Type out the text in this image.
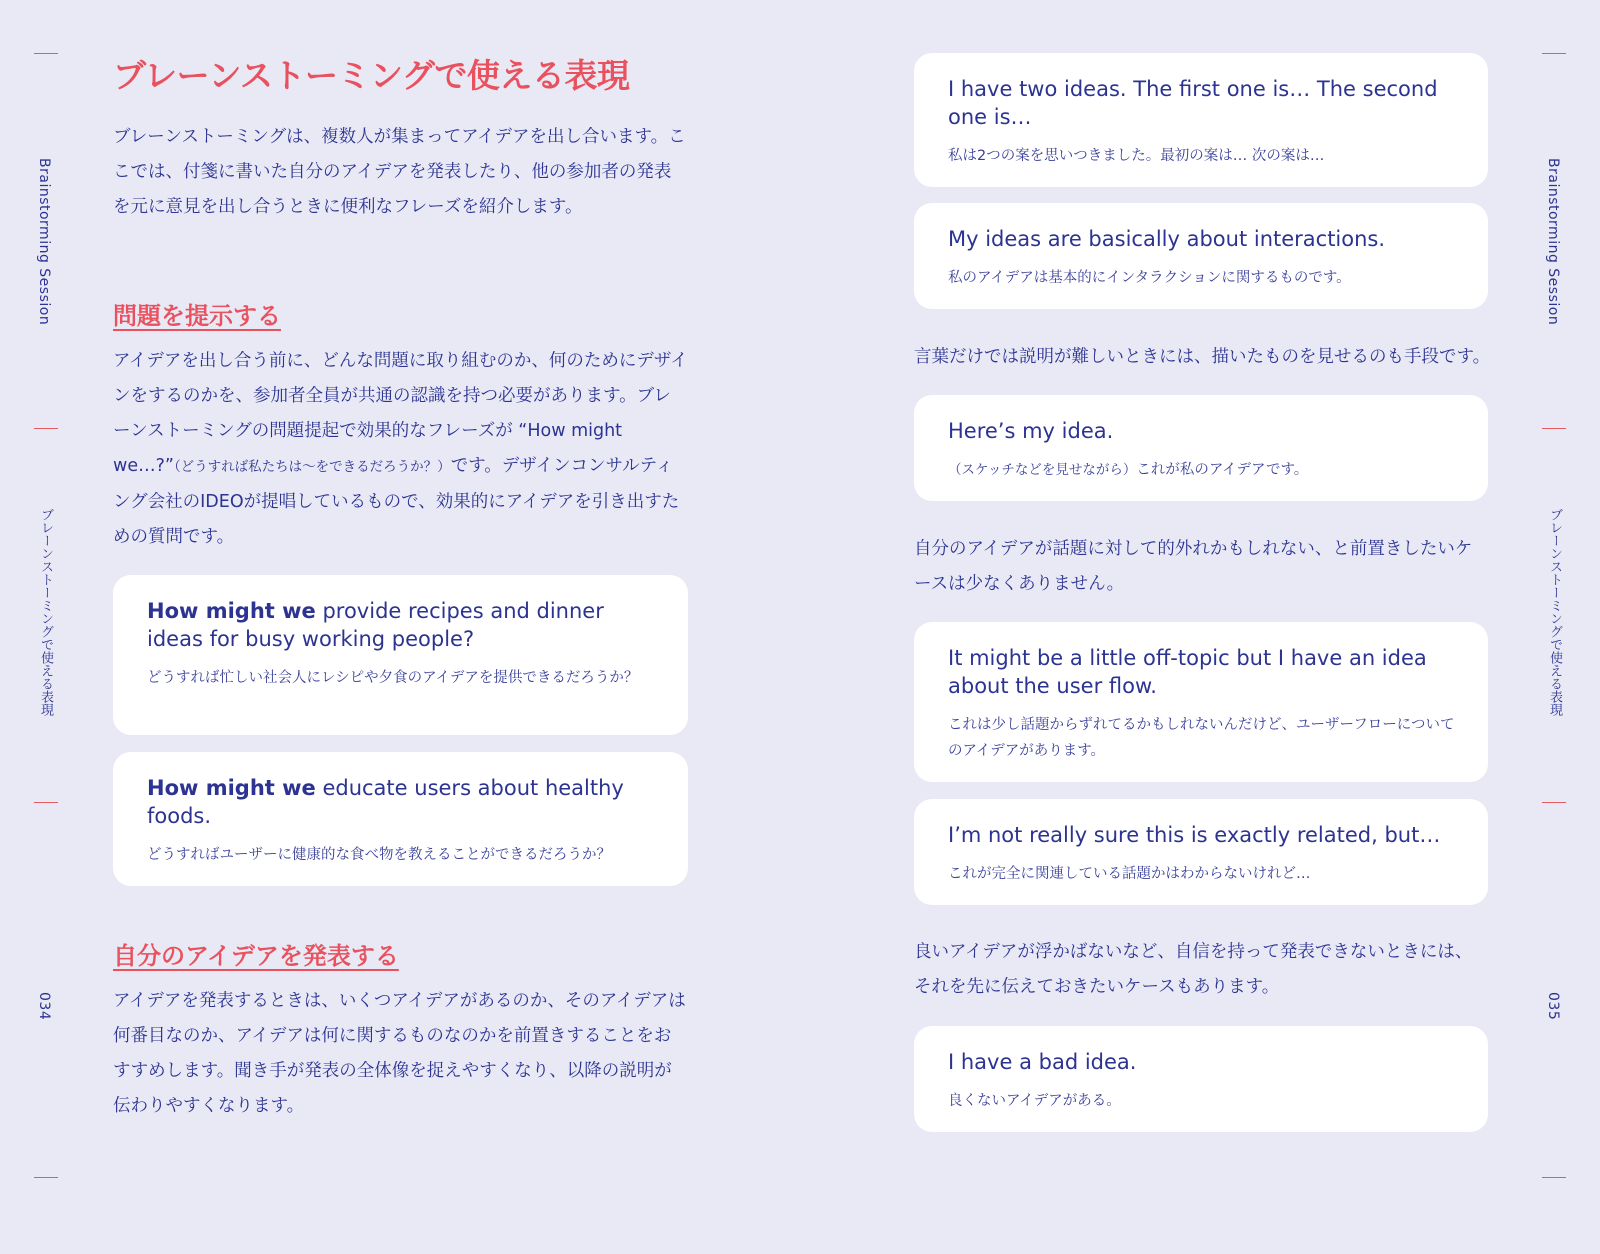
Brainstorming Session
ブレーンストーミングで使える表現
034
ブレーンストーミングで使える表現

ブレーンストーミングは、複数人が集まってアイデアを出し合います。ここでは、付箋に書いた自分のアイデアを発表したり、他の参加者の発表を元に意見を出し合うときに便利なフレーズを紹介します。

問題を提示する

アイデアを出し合う前に、どんな問題に取り組むのか、何のためにデザインをするのかを、参加者全員が共通の認識を持つ必要があります。ブレーンストーミングの問題提起で効果的なフレーズが “How might we…?”（どうすれば私たちは〜をできるだろうか？）です。デザインコンサルティング会社のIDEOが提唱しているもので、効果的にアイデアを引き出すための質問です。

How might we provide recipes and dinner ideas for busy working people?

どうすれば忙しい社会人にレシピや夕食のアイデアを提供できるだろうか？

How might we educate users about healthy foods.

どうすればユーザーに健康的な食べ物を教えることができるだろうか？

自分のアイデアを発表する

アイデアを発表するときは、いくつアイデアがあるのか、そのアイデアは何番目なのか、アイデアは何に関するものなのかを前置きすることをおすすめします。聞き手が発表の全体像を捉えやすくなり、以降の説明が伝わりやすくなります。

Brainstorming Session
ブレーンストーミングで使える表現
035

I have two ideas. The first one is… The second one is…

私は2つの案を思いつきました。最初の案は… 次の案は…

My ideas are basically about interactions.

私のアイデアは基本的にインタラクションに関するものです。

言葉だけでは説明が難しいときには、描いたものを見せるのも手段です。

Here’s my idea.

（スケッチなどを見せながら）これが私のアイデアです。

自分のアイデアが話題に対して的外れかもしれない、と前置きしたいケースは少なくありません。

It might be a little off-topic but I have an idea about the user flow.

これは少し話題からずれてるかもしれないんだけど、ユーザーフローについてのアイデアがあります。

I’m not really sure this is exactly related, but…

これが完全に関連している話題かはわからないけれど…

良いアイデアが浮かばないなど、自信を持って発表できないときには、それを先に伝えておきたいケースもあります。

I have a bad idea.

良くないアイデアがある。
